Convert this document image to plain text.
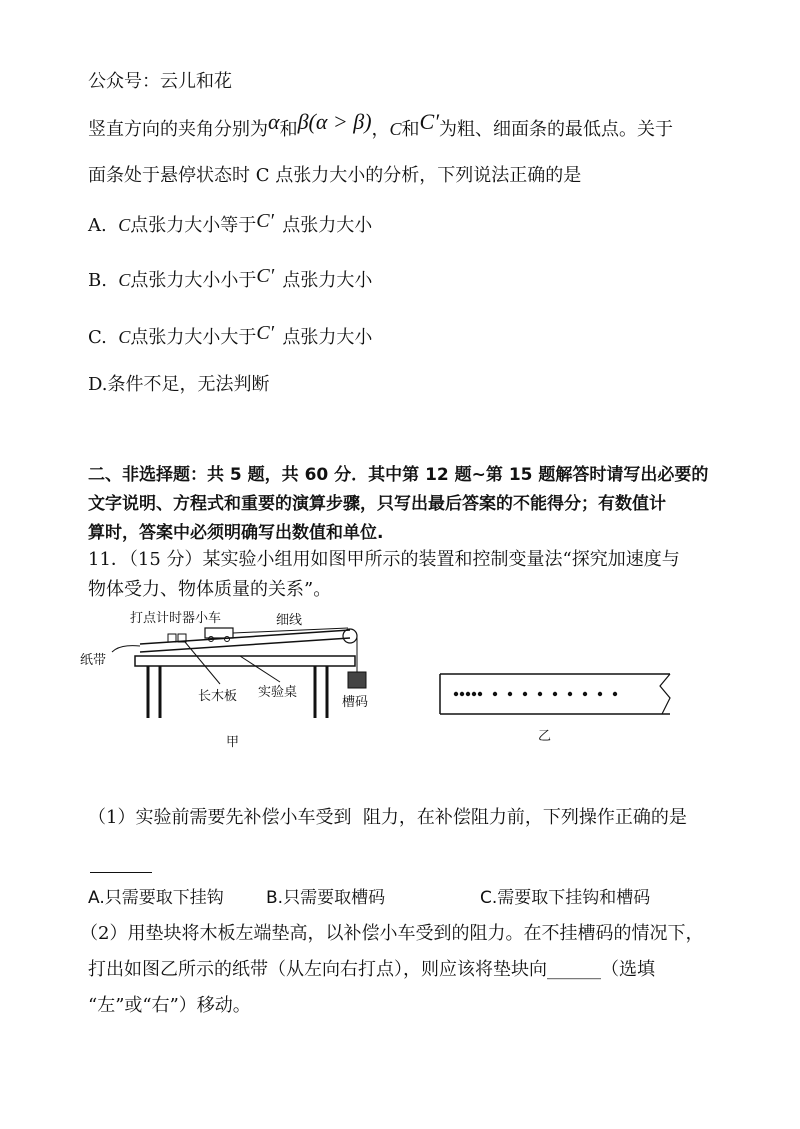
公众号：云儿和花
竖直方向的夹角分别为α和β(α > β)，C和C′为粗、细面条的最低点。关于
面条处于悬停状态时 C 点张力大小的分析，下列说法正确的是
A. C点张力大小等于 C′ 点张力大小
B. C点张力大小小于 C′ 点张力大小
C. C点张力大小大于 C′ 点张力大小
D.条件不足，无法判断
二、非选择题：共 5 题，共 60 分．其中第 12 题~第 15 题解答时请写出必要的
文字说明、方程式和重要的演算步骤，只写出最后答案的不能得分；有数值计
算时，答案中必须明确写出数值和单位.
11．（15 分）某实验小组用如图甲所示的装置和控制变量法“探究加速度与
物体受力、物体质量的关系”。
打点计时器小车	细线
纸带
长木板 实验桌
槽码
甲	乙
（1）实验前需要先补偿小车受到 阻力，在补偿阻力前，下列操作正确的是
A.只需要取下挂钩 B.只需要取槽码	C.需要取下挂钩和槽码
（2）用垫块将木板左端垫高，以补偿小车受到的阻力。在不挂槽码的情况下，
打出如图乙所示的纸带（从左向右打点），则应该将垫块向______（选填
“左”或“右”）移动。
